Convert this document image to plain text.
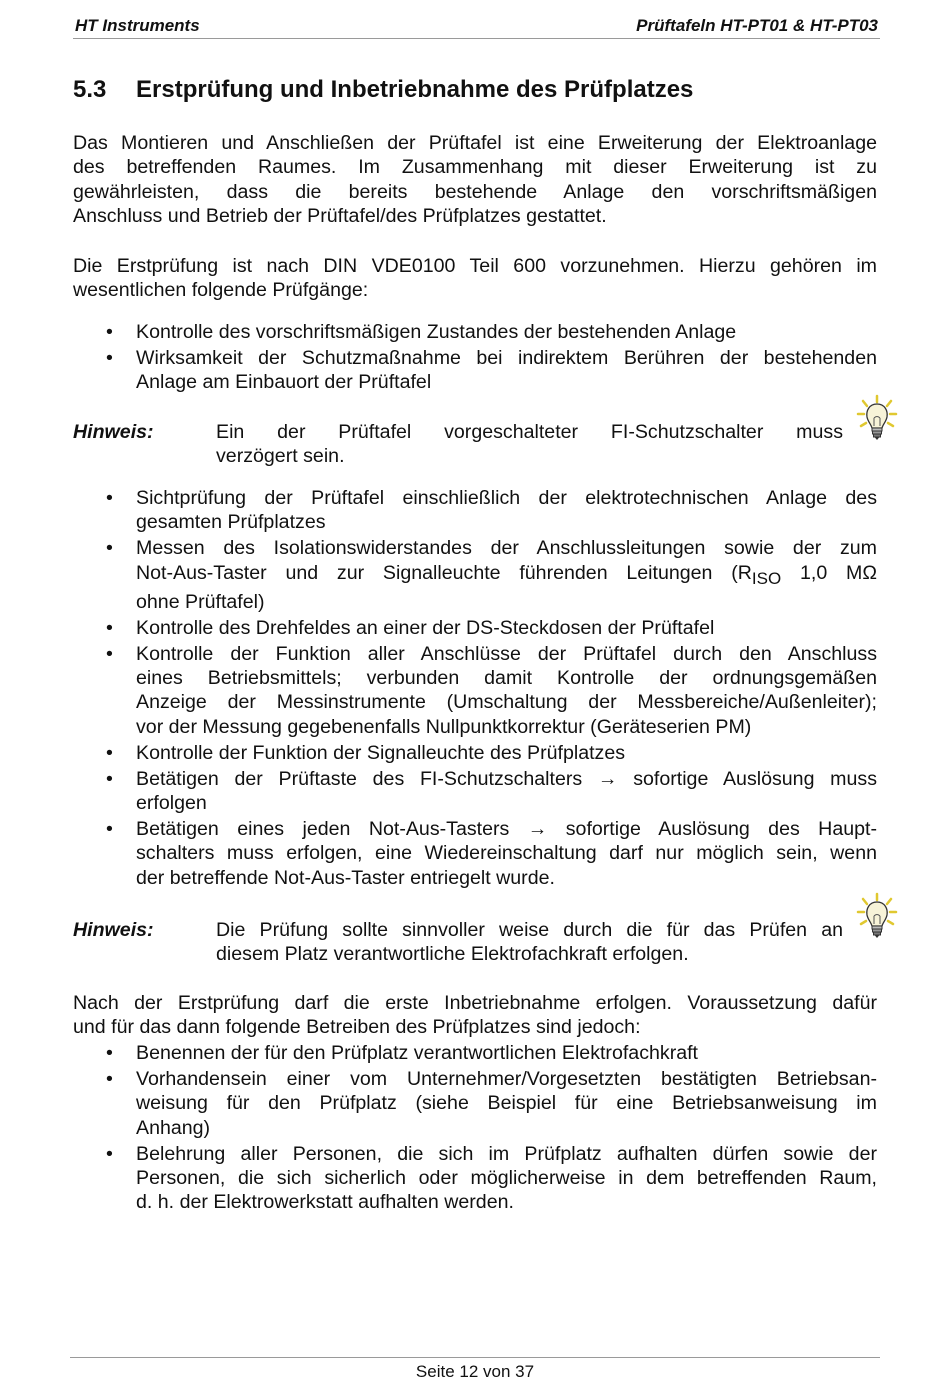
HT Instruments	Prüftafeln HT-PT01 & HT-PT03
5.3 Erstprüfung und Inbetriebnahme des Prüfplatzes
Das Montieren und Anschließen der Prüftafel ist eine Erweiterung der Elektroanlage
des betreffenden Raumes. Im Zusammenhang mit dieser Erweiterung ist zu
gewährleisten, dass die bereits bestehende Anlage den vorschriftsmäßigen
Anschluss und Betrieb der Prüftafel/des Prüfplatzes gestattet.
Die Erstprüfung ist nach DIN VDE0100 Teil 600 vorzunehmen. Hierzu gehören im
wesentlichen folgende Prüfgänge:
• Kontrolle des vorschriftsmäßigen Zustandes der bestehenden Anlage
• Wirksamkeit der Schutzmaßnahme bei indirektem Berühren der bestehenden
Anlage am Einbauort der Prüftafel
Hinweis:	Ein der Prüftafel vorgeschalteter FI-Schutzschalter muss
verzögert sein.
• Sichtprüfung der Prüftafel einschließlich der elektrotechnischen Anlage des
gesamten Prüfplatzes
• Messen des Isolationswiderstandes der Anschlussleitungen sowie der zum
Not-Aus-Taster und zur Signalleuchte führenden Leitungen ($R_{ISO}$ 1,0 MΩ
ohne Prüftafel)
• Kontrolle des Drehfeldes an einer der DS-Steckdosen der Prüftafel
• Kontrolle der Funktion aller Anschlüsse der Prüftafel durch den Anschluss
eines Betriebsmittels; verbunden damit Kontrolle der ordnungsgemäßen
Anzeige der Messinstrumente (Umschaltung der Messbereiche/Außenleiter);
vor der Messung gegebenenfalls Nullpunktkorrektur (Geräteserien PM)
• Kontrolle der Funktion der Signalleuchte des Prüfplatzes
• Betätigen der Prüftaste des FI-Schutzschalters → sofortige Auslösung muss
erfolgen
• Betätigen eines jeden Not-Aus-Tasters → sofortige Auslösung des Haupt-
schalters muss erfolgen, eine Wiedereinschaltung darf nur möglich sein, wenn
der betreffende Not-Aus-Taster entriegelt wurde.
Hinweis:	Die Prüfung sollte sinnvoller weise durch die für das Prüfen an
diesem Platz verantwortliche Elektrofachkraft erfolgen.
Nach der Erstprüfung darf die erste Inbetriebnahme erfolgen. Voraussetzung dafür
und für das dann folgende Betreiben des Prüfplatzes sind jedoch:
• Benennen der für den Prüfplatz verantwortlichen Elektrofachkraft
• Vorhandensein einer vom Unternehmer/Vorgesetzten bestätigten Betriebsan-
weisung für den Prüfplatz (siehe Beispiel für eine Betriebsanweisung im
Anhang)
• Belehrung aller Personen, die sich im Prüfplatz aufhalten dürfen sowie der
Personen, die sich sicherlich oder möglicherweise in dem betreffenden Raum,
d. h. der Elektrowerkstatt aufhalten werden.
Seite 12 von 37
